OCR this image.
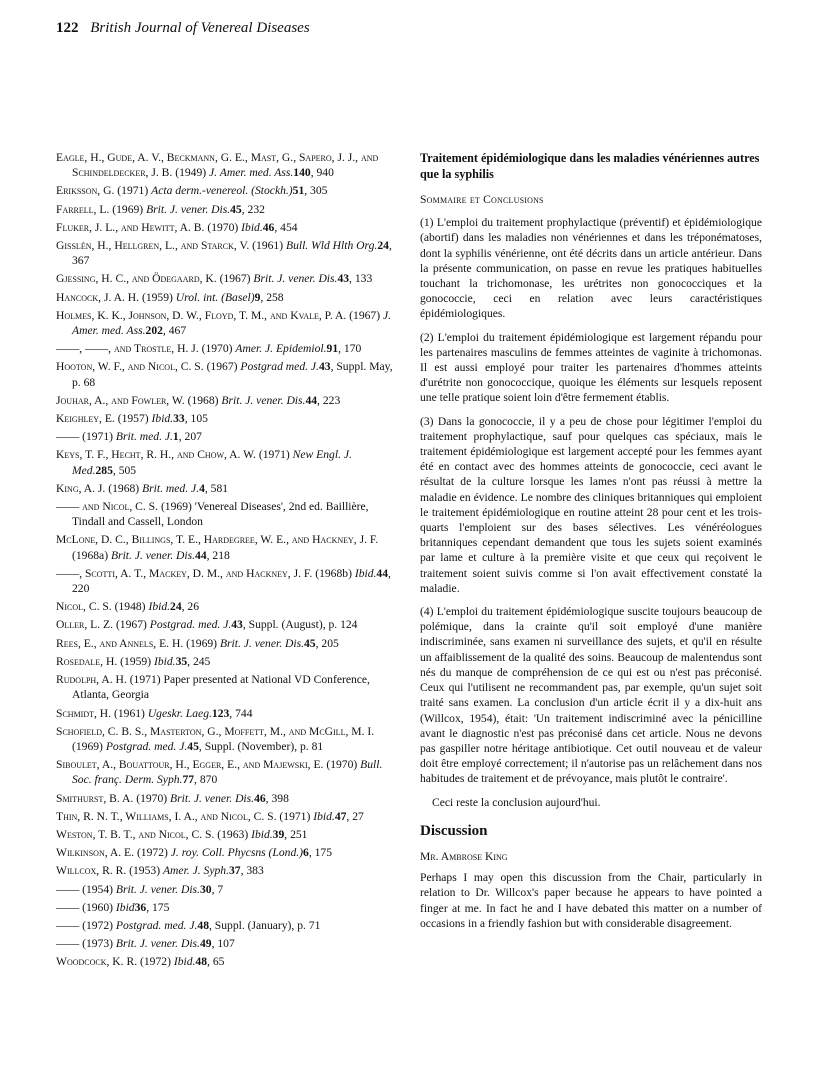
122 British Journal of Venereal Diseases

Eagle, H., Gude, A. V., Beckmann, G. E., Mast, G., Sapero, J. J., and Schindeldecker, J. B. (1949) J. Amer. med. Ass.140, 940

Eriksson, G. (1971) Acta derm.-venereol. (Stockh.)51, 305

Farrell, L. (1969) Brit. J. vener. Dis.45, 232

Fluker, J. L., and Hewitt, A. B. (1970) Ibid.46, 454

Gisslén, H., Hellgren, L., and Starck, V. (1961) Bull. Wld Hlth Org.24, 367

Gjessing, H. C., and Ödegaard, K. (1967) Brit. J. vener. Dis.43, 133

Hancock, J. A. H. (1959) Urol. int. (Basel)9, 258

Holmes, K. K., Johnson, D. W., Floyd, T. M., and Kvale, P. A. (1967) J. Amer. med. Ass.202, 467

——, ——, and Trostle, H. J. (1970) Amer. J. Epidemiol.91, 170

Hooton, W. F., and Nicol, C. S. (1967) Postgrad med. J.43, Suppl. May, p. 68

Jouhar, A., and Fowler, W. (1968) Brit. J. vener. Dis.44, 223

Keighley, E. (1957) Ibid.33, 105

—— (1971) Brit. med. J.1, 207

Keys, T. F., Hecht, R. H., and Chow, A. W. (1971) New Engl. J. Med.285, 505

King, A. J. (1968) Brit. med. J.4, 581

—— and Nicol, C. S. (1969) 'Venereal Diseases', 2nd ed. Baillière, Tindall and Cassell, London

McLone, D. C., Billings, T. E., Hardegree, W. E., and Hackney, J. F. (1968a) Brit. J. vener. Dis.44, 218

——, Scotti, A. T., Mackey, D. M., and Hackney, J. F. (1968b) Ibid.44, 220

Nicol, C. S. (1948) Ibid.24, 26

Oller, L. Z. (1967) Postgrad. med. J.43, Suppl. (August), p. 124

Rees, E., and Annels, E. H. (1969) Brit. J. vener. Dis.45, 205

Rosedale, H. (1959) Ibid.35, 245

Rudolph, A. H. (1971) Paper presented at National VD Conference, Atlanta, Georgia

Schmidt, H. (1961) Ugeskr. Laeg.123, 744

Schofield, C. B. S., Masterton, G., Moffett, M., and McGill, M. I. (1969) Postgrad. med. J.45, Suppl. (November), p. 81

Siboulet, A., Bouattour, H., Egger, E., and Majewski, E. (1970) Bull. Soc. franç. Derm. Syph.77, 870

Smithurst, B. A. (1970) Brit. J. vener. Dis.46, 398

Thin, R. N. T., Williams, I. A., and Nicol, C. S. (1971) Ibid.47, 27

Weston, T. B. T., and Nicol, C. S. (1963) Ibid.39, 251

Wilkinson, A. E. (1972) J. roy. Coll. Phycsns (Lond.)6, 175

Willcox, R. R. (1953) Amer. J. Syph.37, 383

—— (1954) Brit. J. vener. Dis.30, 7

—— (1960) Ibid36, 175

—— (1972) Postgrad. med. J.48, Suppl. (January), p. 71

—— (1973) Brit. J. vener. Dis.49, 107

Woodcock, K. R. (1972) Ibid.48, 65

Traitement épidémiologique dans les maladies vénériennes autres que la syphilis
Sommaire et Conclusions

(1) L'emploi du traitement prophylactique (préventif) et épidémiologique (abortif) dans les maladies non vénériennes et dans les tréponématoses, dont la syphilis vénérienne, ont été décrits dans un article antérieur. Dans la présente communication, on passe en revue les pratiques habituelles touchant la trichomonase, les urétrites non gonococciques et la gonococcie, ceci en relation avec leurs caractéristiques épidémiologiques.

(2) L'emploi du traitement épidémiologique est largement répandu pour les partenaires masculins de femmes atteintes de vaginite à trichomonas. Il est aussi employé pour traiter les partenaires d'hommes atteints d'urétrite non gonococcique, quoique les éléments sur lesquels reposent une telle pratique soient loin d'être fermement établis.

(3) Dans la gonococcie, il y a peu de chose pour légitimer l'emploi du traitement prophylactique, sauf pour quelques cas spéciaux, mais le traitement épidémiologique est largement accepté pour les femmes ayant été en contact avec des hommes atteints de gonococcie, ceci avant le résultat de la culture lorsque les lames n'ont pas réussi à mettre la maladie en évidence. Le nombre des cliniques britanniques qui emploient le traitement épidémiologique en routine atteint 28 pour cent et les trois-quarts l'emploient sur des bases sélectives. Les vénéréologues britanniques cependant demandent que tous les sujets soient examinés par lame et culture à la première visite et que ceux qui reçoivent le traitement soient suivis comme si l'on avait effectivement constaté la maladie.

(4) L'emploi du traitement épidémiologique suscite toujours beaucoup de polémique, dans la crainte qu'il soit employé d'une manière indiscriminée, sans examen ni surveillance des sujets, et qu'il en résulte un affaiblissement de la qualité des soins. Beaucoup de malentendus sont nés du manque de compréhension de ce qui est ou n'est pas préconisé. Ceux qui l'utilisent ne recommandent pas, par exemple, qu'un sujet soit traité sans examen. La conclusion d'un article écrit il y a dix-huit ans (Willcox, 1954), était: 'Un traitement indiscriminé avec la pénicilline avant le diagnostic n'est pas préconisé dans cet article. Nous ne devons pas gaspiller notre héritage antibiotique. Cet outil nouveau et de valeur doit être employé correctement; il n'autorise pas un relâchement dans nos habitudes de traitement et de prévoyance, mais plutôt le contraire'.

Ceci reste la conclusion aujourd'hui.

Discussion
Mr. Ambrose King

Perhaps I may open this discussion from the Chair, particularly in relation to Dr. Willcox's paper because he appears to have pointed a finger at me. In fact he and I have debated this matter on a number of occasions in a friendly fashion but with considerable disagreement.
